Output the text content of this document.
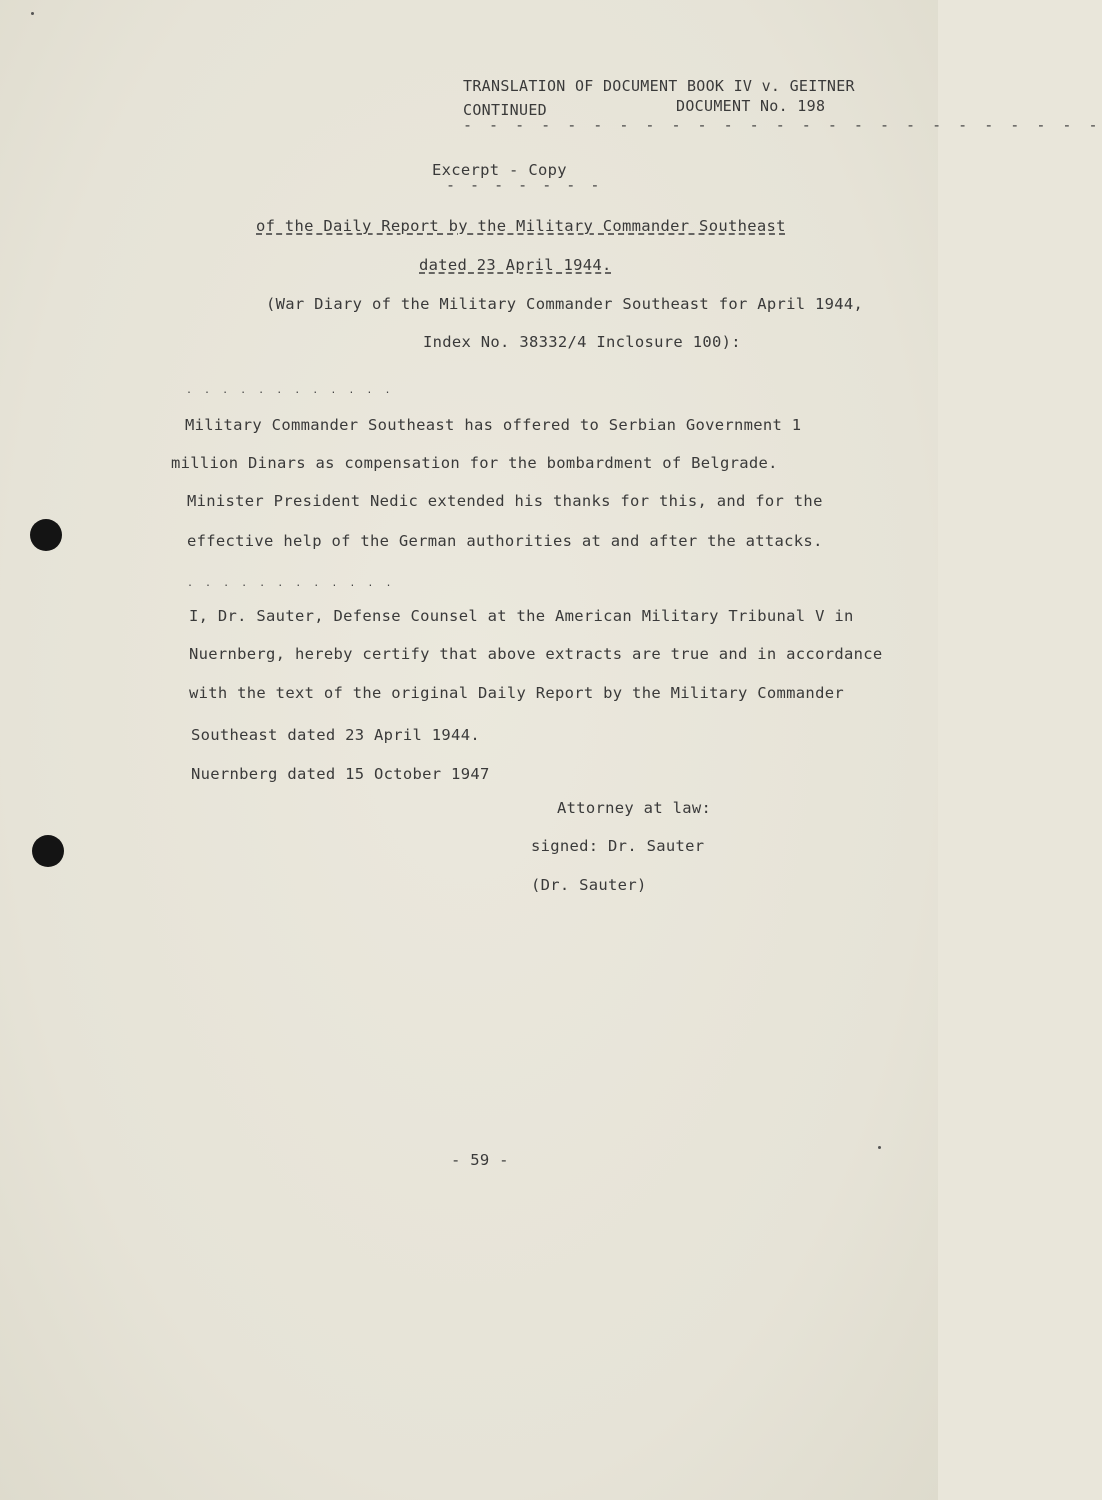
TRANSLATION OF DOCUMENT BOOK IV v. GEITNER
CONTINUED	DOCUMENT No. 198
- - - - - - - - - - - - - - - - - - - - - - - - -
Excerpt - Copy
- - - - - - -
of the Daily Report by the Military Commander Southeast
dated 23 April 1944.
(War Diary of the Military Commander Southeast for April 1944,
Index No. 38332/4 Inclosure 100):
. . . . . . . . . . . .
Military Commander Southeast has offered to Serbian Government 1
million Dinars as compensation for the bombardment of Belgrade.
Minister President Nedic extended his thanks for this, and for the
effective help of the German authorities at and after the attacks.
. . . . . . . . . . . .
I, Dr. Sauter, Defense Counsel at the American Military Tribunal V in
Nuernberg, hereby certify that above extracts are true and in accordance
with the text of the original Daily Report by the Military Commander
Southeast dated 23 April 1944.
Nuernberg dated 15 October 1947
Attorney at law:
signed: Dr. Sauter
(Dr. Sauter)
- 59 -
